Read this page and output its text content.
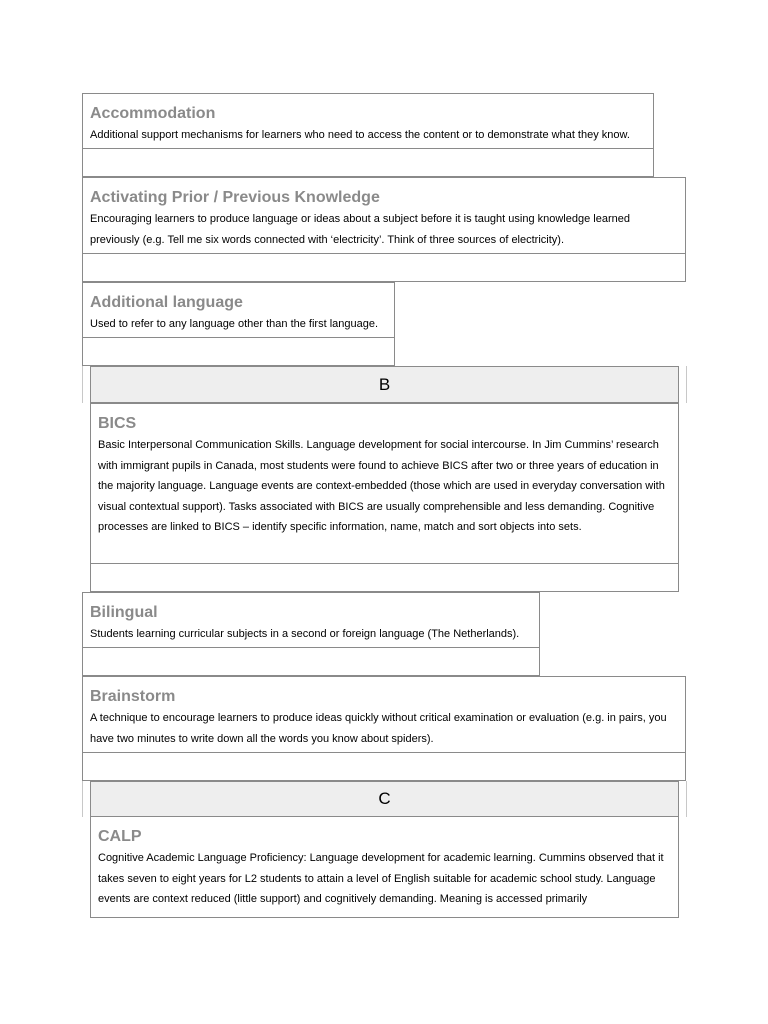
Accommodation
Additional support mechanisms for learners who need to access the content or to demonstrate what they know.
Activating Prior / Previous Knowledge
Encouraging learners to produce language or ideas about a subject before it is taught using knowledge learned previously (e.g. Tell me six words connected with ‘electricity’. Think of three sources of electricity).
Additional language
Used to refer to any language other than the first language.
B
BICS
Basic Interpersonal Communication Skills. Language development for social intercourse. In Jim Cummins’ research with immigrant pupils in Canada, most students were found to achieve BICS after two or three years of education in the majority language. Language events are context-embedded (those which are used in everyday conversation with visual contextual support). Tasks associated with BICS are usually comprehensible and less demanding. Cognitive processes are linked to BICS – identify specific information, name, match and sort objects into sets.
Bilingual
Students learning curricular subjects in a second or foreign language (The Netherlands).
Brainstorm
A technique to encourage learners to produce ideas quickly without critical examination or evaluation (e.g. in pairs, you have two minutes to write down all the words you know about spiders).
C
CALP
Cognitive Academic Language Proficiency: Language development for academic learning. Cummins observed that it takes seven to eight years for L2 students to attain a level of English suitable for academic school study. Language events are context reduced (little support) and cognitively demanding. Meaning is accessed primarily
